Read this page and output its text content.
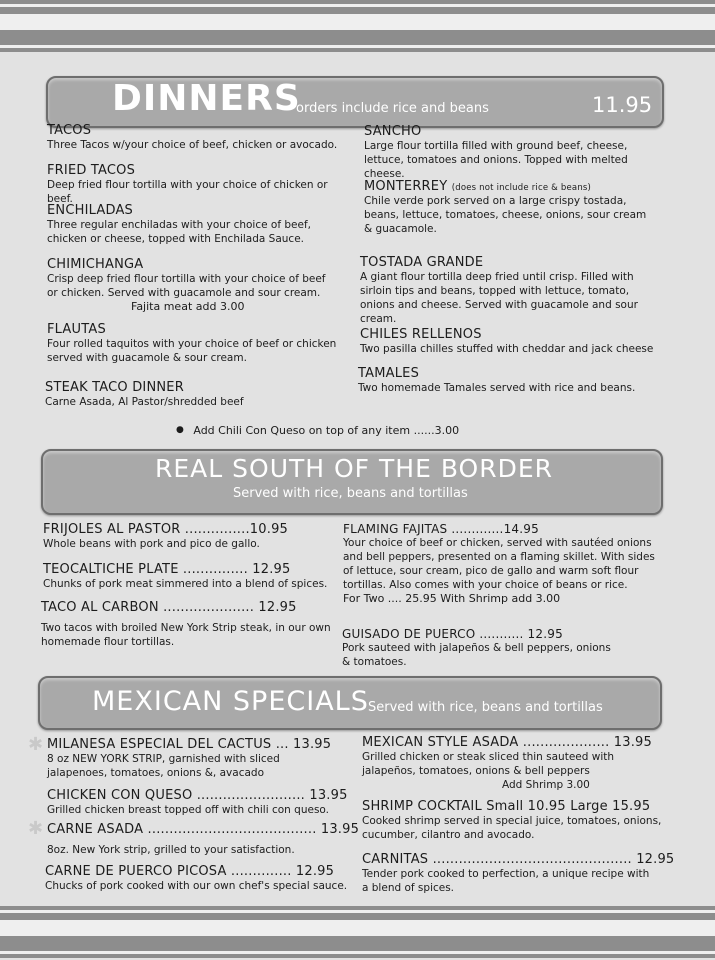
DINNERS
orders include rice and beans	11.95
TACOS
Three Tacos w/your choice of beef, chicken or avocado.
FRIED TACOS
Deep fried flour tortilla with your choice of chicken or beef.
ENCHILADAS
Three regular enchiladas with your choice of beef, chicken or cheese, topped with Enchilada Sauce.
CHIMICHANGA
Crisp deep fried flour tortilla with your choice of beef or chicken. Served with guacamole and sour cream.
Fajita meat add 3.00
FLAUTAS
Four rolled taquitos with your choice of beef or chicken served with guacamole & sour cream.
STEAK TACO DINNER
Carne Asada, Al Pastor/shredded beef
SANCHO
Large flour tortilla filled with ground beef, cheese, lettuce, tomatoes and onions. Topped with melted cheese.
MONTERREY (does not include rice & beans)
Chile verde pork served on a large crispy tostada, beans, lettuce, tomatoes, cheese, onions, sour cream & guacamole.
TOSTADA GRANDE
A giant flour tortilla deep fried until crisp. Filled with sirloin tips and beans, topped with lettuce, tomato, onions and cheese. Served with guacamole and sour cream.
CHILES RELLENOS
Two pasilla chilles stuffed with cheddar and jack cheese
TAMALES
Two homemade Tamales served with rice and beans.
● Add Chili Con Queso on top of any item ......3.00
REAL SOUTH OF THE BORDER
Served with rice, beans and tortillas
FRIJOLES AL PASTOR ...............10.95
Whole beans with pork and pico de gallo.
TEOCALTICHE PLATE ............... 12.95
Chunks of pork meat simmered into a blend of spices.
TACO AL CARBON ..................... 12.95
Two tacos with broiled New York Strip steak, in our own homemade flour tortillas.
FLAMING FAJITAS .............14.95
Your choice of beef or chicken, served with sautéed onions and bell peppers, presented on a flaming skillet. With sides of lettuce, sour cream, pico de gallo and warm soft flour tortillas. Also comes with your choice of beans or rice.
For Two .... 25.95 With Shrimp add 3.00
GUISADO DE PUERCO ........... 12.95
Pork sauteed with jalapeños & bell peppers, onions & tomatoes.
MEXICAN SPECIALS Served with rice, beans and tortillas
✱ MILANESA ESPECIAL DEL CACTUS ... 13.95
8 oz NEW YORK STRIP, garnished with sliced jalapenoes, tomatoes, onions &, avacado
CHICKEN CON QUESO ......................... 13.95
Grilled chicken breast topped off with chili con queso.
✱ CARNE ASADA ....................................... 13.95
8oz. New York strip, grilled to your satisfaction.
CARNE DE PUERCO PICOSA .............. 12.95
Chucks of pork cooked with our own chef's special sauce.
MEXICAN STYLE ASADA .................... 13.95
Grilled chicken or steak sliced thin sauteed with jalapeños, tomatoes, onions & bell peppers
Add Shrimp 3.00
SHRIMP COCKTAIL Small 10.95 Large 15.95
Cooked shrimp served in special juice, tomatoes, onions, cucumber, cilantro and avocado.
CARNITAS .............................................. 12.95
Tender pork cooked to perfection, a unique recipe with a blend of spices.
